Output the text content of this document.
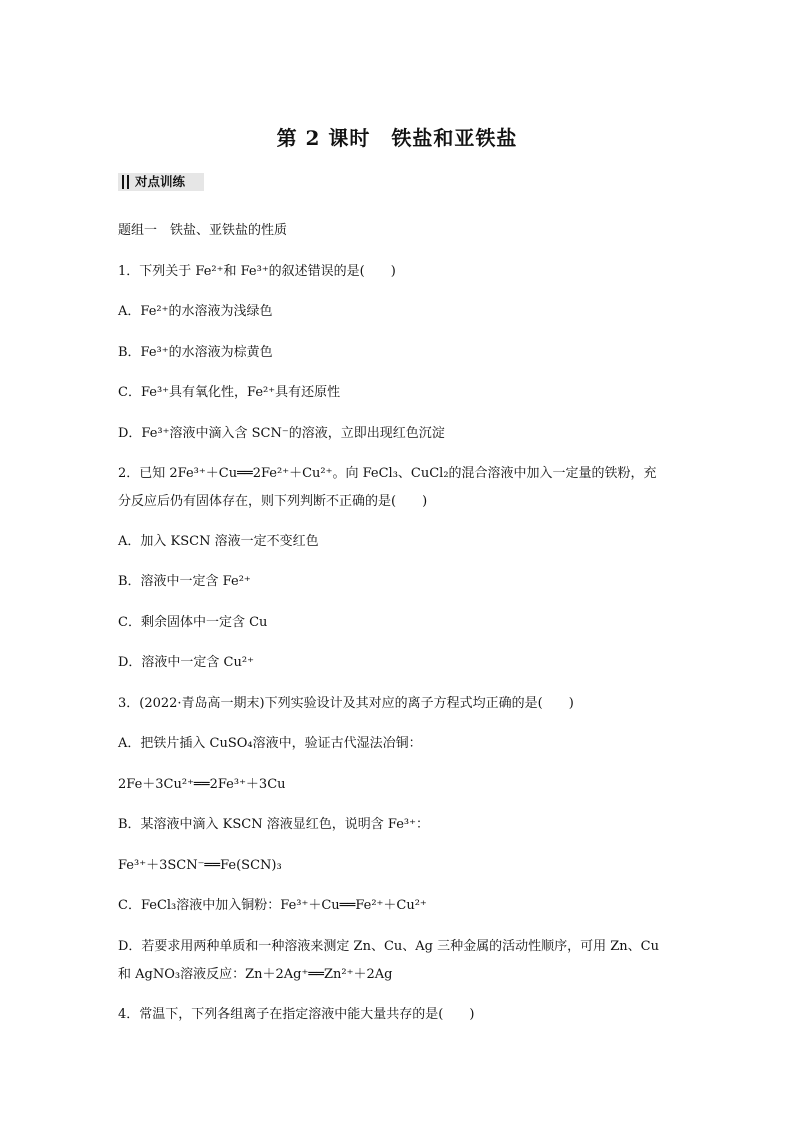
第 2 课时　铁盐和亚铁盐
对点训练
题组一　铁盐、亚铁盐的性质
1．下列关于 Fe²⁺和 Fe³⁺的叙述错误的是(　　)
A．Fe²⁺的水溶液为浅绿色
B．Fe³⁺的水溶液为棕黄色
C．Fe³⁺具有氧化性，Fe²⁺具有还原性
D．Fe³⁺溶液中滴入含 SCN⁻的溶液，立即出现红色沉淀
2．已知 2Fe³⁺＋Cu══2Fe²⁺＋Cu²⁺。向 FeCl₃、CuCl₂的混合溶液中加入一定量的铁粉，充
分反应后仍有固体存在，则下列判断不正确的是(　　)
A．加入 KSCN 溶液一定不变红色
B．溶液中一定含 Fe²⁺
C．剩余固体中一定含 Cu
D．溶液中一定含 Cu²⁺
3．(2022·青岛高一期末)下列实验设计及其对应的离子方程式均正确的是(　　)
A．把铁片插入 CuSO₄溶液中，验证古代湿法冶铜：
2Fe＋3Cu²⁺══2Fe³⁺＋3Cu
B．某溶液中滴入 KSCN 溶液显红色，说明含 Fe³⁺：
Fe³⁺＋3SCN⁻══Fe(SCN)₃
C．FeCl₃溶液中加入铜粉：Fe³⁺＋Cu══Fe²⁺＋Cu²⁺
D．若要求用两种单质和一种溶液来测定 Zn、Cu、Ag 三种金属的活动性顺序，可用 Zn、Cu
和 AgNO₃溶液反应：Zn＋2Ag⁺══Zn²⁺＋2Ag
4．常温下，下列各组离子在指定溶液中能大量共存的是(　　)
